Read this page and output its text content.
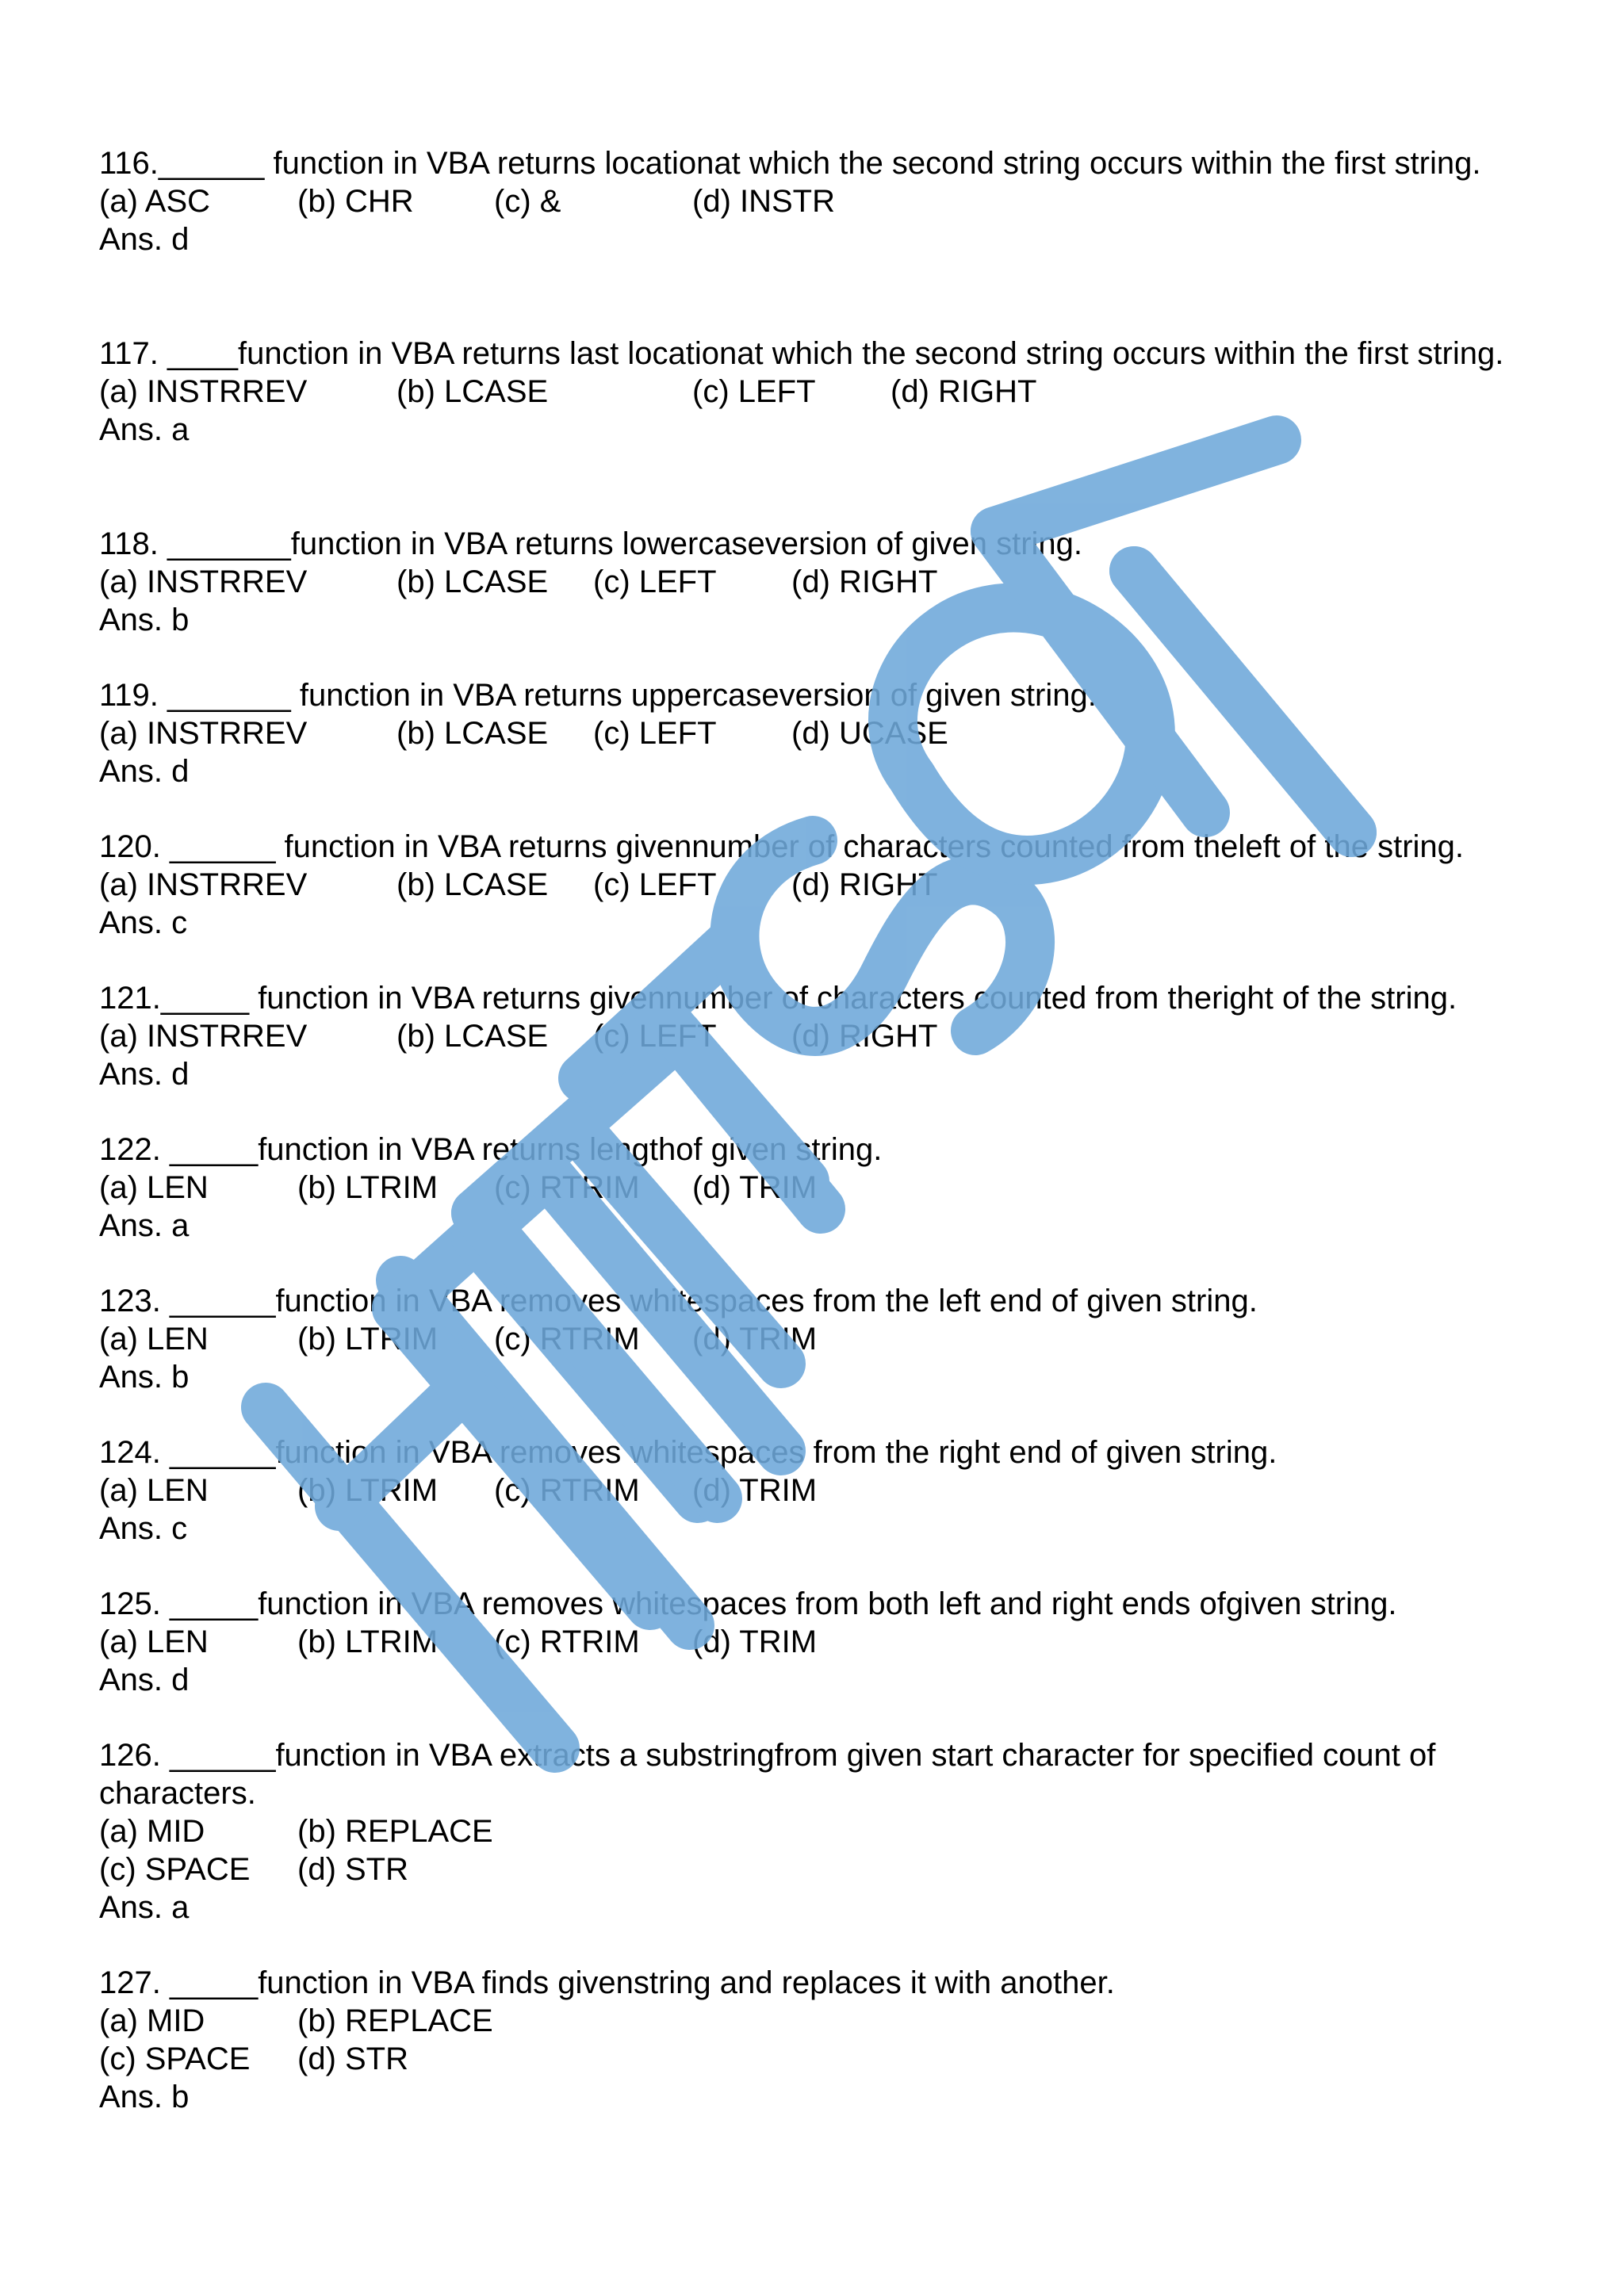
116.______ function in VBA returns locationat which the second string occurs within the first string.
(a) ASC	(b) CHR	(c) &	(d) INSTR
Ans. d
117. ____function in VBA returns last locationat which the second string occurs within the first string.
(a) INSTRREV	(b) LCASE	(c) LEFT (d) RIGHT
Ans. a
118. _______function in VBA returns lowercaseversion of given string.
(a) INSTRREV	(b) LCASE (c) LEFT (d) RIGHT
Ans. b
119. _______ function in VBA returns uppercaseversion of given string.
(a) INSTRREV	(b) LCASE (c) LEFT (d) UCASE
Ans. d
120. ______ function in VBA returns givennumber of characters counted from theleft of the string.
(a) INSTRREV	(b) LCASE (c) LEFT (d) RIGHT
Ans. c
121._____ function in VBA returns givennumber of characters counted from theright of the string.
(a) INSTRREV	(b) LCASE (c) LEFT (d) RIGHT
Ans. d
122. _____function in VBA returns lengthof given string.
(a) LEN	(b) LTRIM (c) RTRIM (d) TRIM
Ans. a
123. ______function in VBA removes whitespaces from the left end of given string.
(a) LEN	(b) LTRIM (c) RTRIM (d) TRIM
Ans. b
124. ______function in VBA removes whitespaces from the right end of given string.
(a) LEN	(b) LTRIM (c) RTRIM (d) TRIM
Ans. c
125. _____function in VBA removes whitespaces from both left and right ends ofgiven string.
(a) LEN	(b) LTRIM (c) RTRIM (d) TRIM
Ans. d
126. ______function in VBA extracts a substringfrom given start character for specified count of characters.
(a) MID	(b) REPLACE
(c) SPACE (d) STR
Ans. a
127. _____function in VBA finds givenstring and replaces it with another.
(a) MID	(b) REPLACE
(c) SPACE (d) STR
Ans. b
